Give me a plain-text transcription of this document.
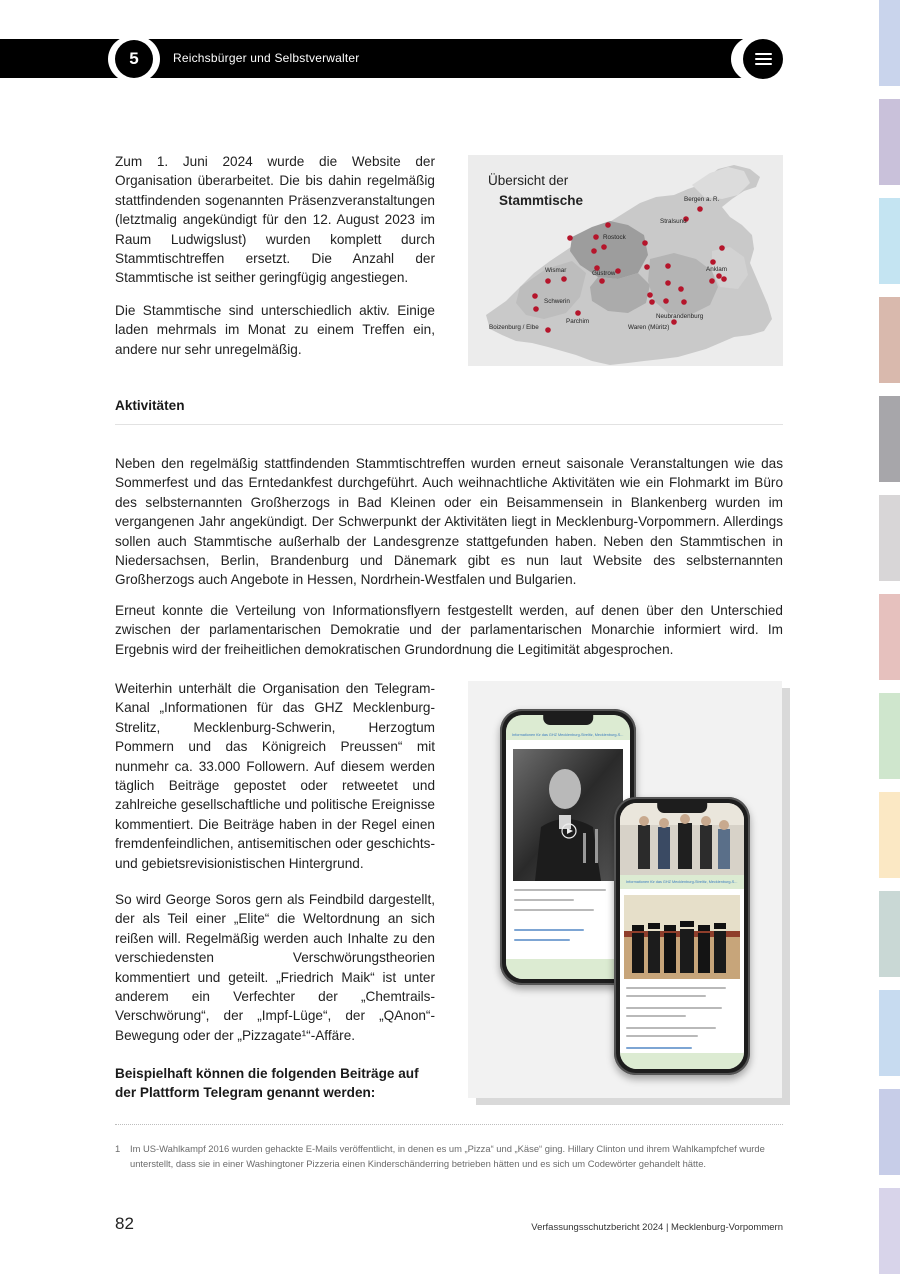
5	Reichsbürger und Selbstverwalter

Zum 1. Juni 2024 wurde die Website der Organisation überarbeitet. Die bis dahin regelmäßig stattfindenden sogenannten Präsenzveranstaltungen (letztmalig angekündigt für den 12. August 2023 im Raum Ludwigslust) wurden komplett durch Stammtischtreffen ersetzt. Die Anzahl der Stammtische ist seither geringfügig angestiegen.

Die Stammtische sind unterschiedlich aktiv. Einige laden mehrmals im Monat zu einem Treffen ein, andere nur sehr unregelmäßig.

Übersicht der
Stammtische	Bergen a. R.
Stralsund
Rostock
Wismar	Güstrow
Anklam
Schwerin
Neubrandenburg
Parchim
Boizenburg / Elbe	Waren (Müritz)
Aktivitäten

Neben den regelmäßig stattfindenden Stammtischtreffen wurden erneut saisonale Veranstaltungen wie das Sommerfest und das Erntedankfest durchgeführt. Auch weihnachtliche Aktivitäten wie ein Flohmarkt im Büro des selbsternannten Großherzogs in Bad Kleinen oder ein Beisammensein in Blankenberg wurden im vergangenen Jahr angekündigt. Der Schwerpunkt der Aktivitäten liegt in Mecklenburg-Vorpommern. Allerdings sollen auch Stammtische außerhalb der Landesgrenze stattgefunden haben. Neben den Stammtischen in Niedersachsen, Berlin, Brandenburg und Dänemark gibt es nun laut Website des selbsternannten Großherzogs auch Angebote in Hessen, Nordrhein-Westfalen und Bulgarien.

Erneut konnte die Verteilung von Informationsflyern festgestellt werden, auf denen über den Unterschied zwischen der parlamentarischen Demokratie und der parlamentarischen Monarchie informiert wird. Im Ergebnis wird der freiheitlichen demokratischen Grundordnung die Legitimität abgesprochen.

Weiterhin unterhält die Organisation den Telegram-Kanal „Informationen für das GHZ Mecklenburg-Strelitz, Mecklenburg-Schwerin, Herzogtum Pommern und das Königreich Preussen“ mit nunmehr ca. 33.000 Followern. Auf diesem werden täglich Beiträge gepostet oder retweetet und zahlreiche gesellschaftliche und politische Ereignisse kommentiert. Die Beiträge haben in der Regel einen fremdenfeindlichen, antisemitischen oder geschichts- und gebietsrevisionistischen Hintergrund.

So wird George Soros gern als Feindbild dargestellt, der als Teil einer „Elite“ die Weltordnung an sich reißen will. Regelmäßig werden auch Inhalte zu den verschiedensten Verschwörungstheorien kommentiert und geteilt. „Friedrich Maik“ ist unter anderem ein Verfechter der „Chemtrails-Verschwörung“, der „Impf-Lüge“, der „QAnon“-Bewegung oder der „Pizzagate¹“-Affäre.

Beispielhaft können die folgenden Beiträge auf der Plattform Telegram genannt werden:

Informationen für das GHZ Mecklenburg-Strelitz, Mecklenburg-S...
Informationen für das GHZ Mecklenburg-Strelitz, Mecklenburg-S...
1 Im US-Wahlkampf 2016 wurden gehackte E-Mails veröffentlicht, in denen es um „Pizza“ und „Käse“ ging. Hillary Clinton und ihrem Wahlkampfchef wurde unterstellt, dass sie in einer Washingtoner Pizzeria einen Kinderschänderring betrieben hätten und es sich um Codewörter gehandelt hätte.
82	Verfassungsschutzbericht 2024 | Mecklenburg-Vorpommern
